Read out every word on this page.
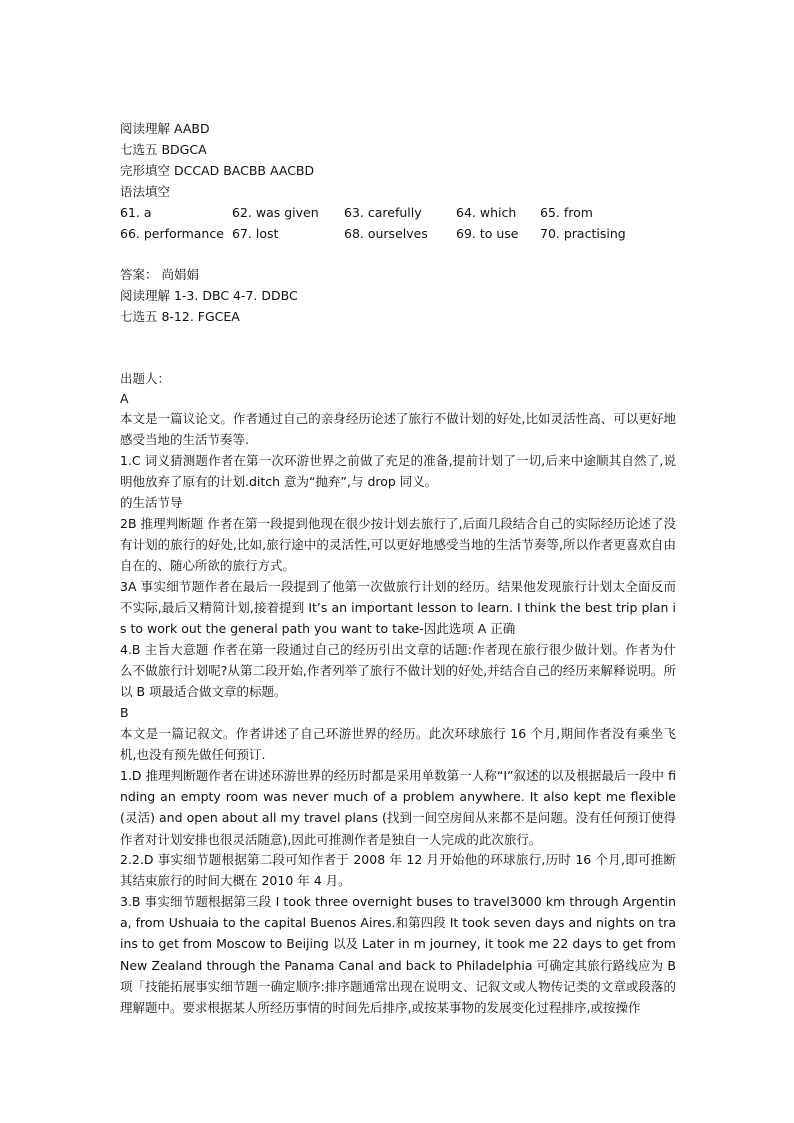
阅读理解 AABD
七选五 BDGCA
完形填空 DCCAD BACBB AACBD
语法填空
61. a	62. was given 63. carefully	64. which 65. from
66. performance 67. lost	68. ourselves 69. to use 70. practising
答案： 尚娟娟
阅读理解 1-3. DBC 4-7. DDBC
七选五 8-12. FGCEA
出题人：
A
本文是一篇议论文。作者通过自己的亲身经历论述了旅行不做计划的好处,比如灵活性高、可以更好地感受当地的生活节奏等.
1.C 词义猜测题作者在第一次环游世界之前做了充足的准备,提前计划了一切,后来中途顺其自然了,说明他放弃了原有的计划.ditch 意为“抛弃”,与 drop 同义。
的生活节导
2B 推理判断题 作者在第一段提到他现在很少按计划去旅行了,后面几段结合自己的实际经历论述了没有计划的旅行的好处,比如,旅行途中的灵活性,可以更好地感受当地的生活节奏等,所以作者更喜欢自由自在的、随心所欲的旅行方式。
3A 事实细节题作者在最后一段提到了他第一次做旅行计划的经历。结果他发现旅行计划太全面反而不实际,最后又精简计划,接着提到 It’s an important lesson to learn. I think the best trip plan is to work out the general path you want to take-因此选项 A 正确
4.B 主旨大意题 作者在第一段通过自己的经历引出文章的话题:作者现在旅行很少做计划。作者为什么不做旅行计划呢?从第二段开始,作者列举了旅行不做计划的好处,并结合自己的经历来解释说明。所以 B 项最适合做文章的标题。
B
本文是一篇记叙文。作者讲述了自己环游世界的经历。此次环球旅行 16 个月,期间作者没有乘坐飞机,也没有预先做任何预订.
1.D 推理判断题作者在讲述环游世界的经历时都是采用单数第一人称“I”叙述的以及根据最后一段中 finding an empty room was never much of a problem anywhere. It also kept me flexible (灵活) and open about all my travel plans (找到一间空房间从来都不是问题。没有任何预订使得作者对计划安排也很灵活随意),因此可推测作者是独自一人完成的此次旅行。
2.2.D 事实细节题根据第二段可知作者于 2008 年 12 月开始他的环球旅行,历时 16 个月,即可推断其结束旅行的时间大概在 2010 年 4 月。
3.B 事实细节题根据第三段 I took three overnight buses to travel3000 km through Argentina, from Ushuaia to the capital Buenos Aires.和第四段 It took seven days and nights on trains to get from Moscow to Beijing 以及 Later in m journey, it took me 22 days to get from New Zealand through the Panama Canal and back to Philadelphia 可确定其旅行路线应为 B 项「技能拓展事实细节题一确定顺序:排序题通常出现在说明文、记叙文或人物传记类的文章或段落的理解题中。要求根据某人所经历事情的时间先后排序,或按某事物的发展变化过程排序,或按操作
